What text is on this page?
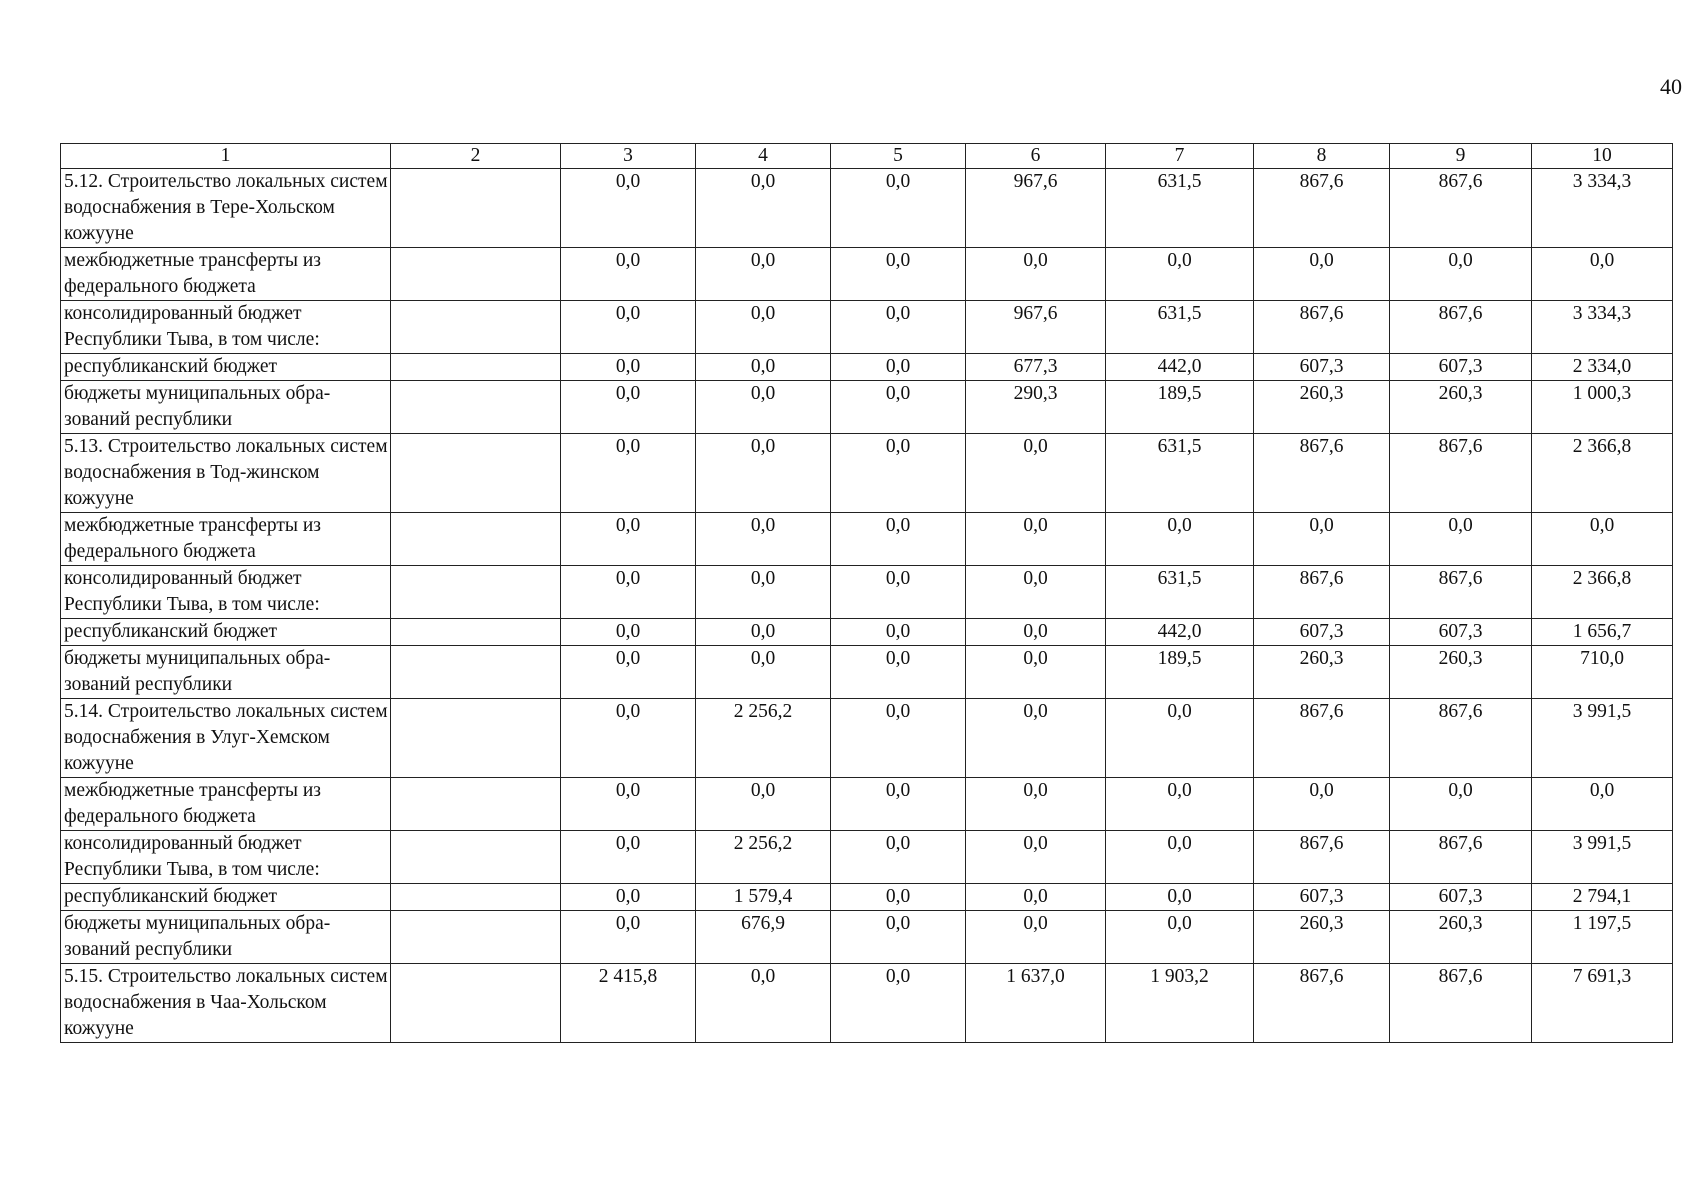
40
1	2	3	4	5	6	7	8	9	10
5.12. Строительство локальных систем водоснабжения в Тере-Хольском кожууне		0,0	0,0	0,0	967,6	631,5	867,6	867,6	3 334,3
межбюджетные трансферты из федерального бюджета		0,0	0,0	0,0	0,0	0,0	0,0	0,0	0,0
консолидированный бюджет Республики Тыва, в том числе:		0,0	0,0	0,0	967,6	631,5	867,6	867,6	3 334,3
республиканский бюджет		0,0	0,0	0,0	677,3	442,0	607,3	607,3	2 334,0
бюджеты муниципальных обра-зований республики		0,0	0,0	0,0	290,3	189,5	260,3	260,3	1 000,3
5.13. Строительство локальных систем водоснабжения в Тод-жинском кожууне		0,0	0,0	0,0	0,0	631,5	867,6	867,6	2 366,8
межбюджетные трансферты из федерального бюджета		0,0	0,0	0,0	0,0	0,0	0,0	0,0	0,0
консолидированный бюджет Республики Тыва, в том числе:		0,0	0,0	0,0	0,0	631,5	867,6	867,6	2 366,8
республиканский бюджет		0,0	0,0	0,0	0,0	442,0	607,3	607,3	1 656,7
бюджеты муниципальных обра-зований республики		0,0	0,0	0,0	0,0	189,5	260,3	260,3	710,0
5.14. Строительство локальных систем водоснабжения в Улуг-Хемском кожууне		0,0	2 256,2	0,0	0,0	0,0	867,6	867,6	3 991,5
межбюджетные трансферты из федерального бюджета		0,0	0,0	0,0	0,0	0,0	0,0	0,0	0,0
консолидированный бюджет Республики Тыва, в том числе:		0,0	2 256,2	0,0	0,0	0,0	867,6	867,6	3 991,5
республиканский бюджет		0,0	1 579,4	0,0	0,0	0,0	607,3	607,3	2 794,1
бюджеты муниципальных обра-зований республики		0,0	676,9	0,0	0,0	0,0	260,3	260,3	1 197,5
5.15. Строительство локальных систем водоснабжения в Чаа-Хольском кожууне		2 415,8	0,0	0,0	1 637,0	1 903,2	867,6	867,6	7 691,3
